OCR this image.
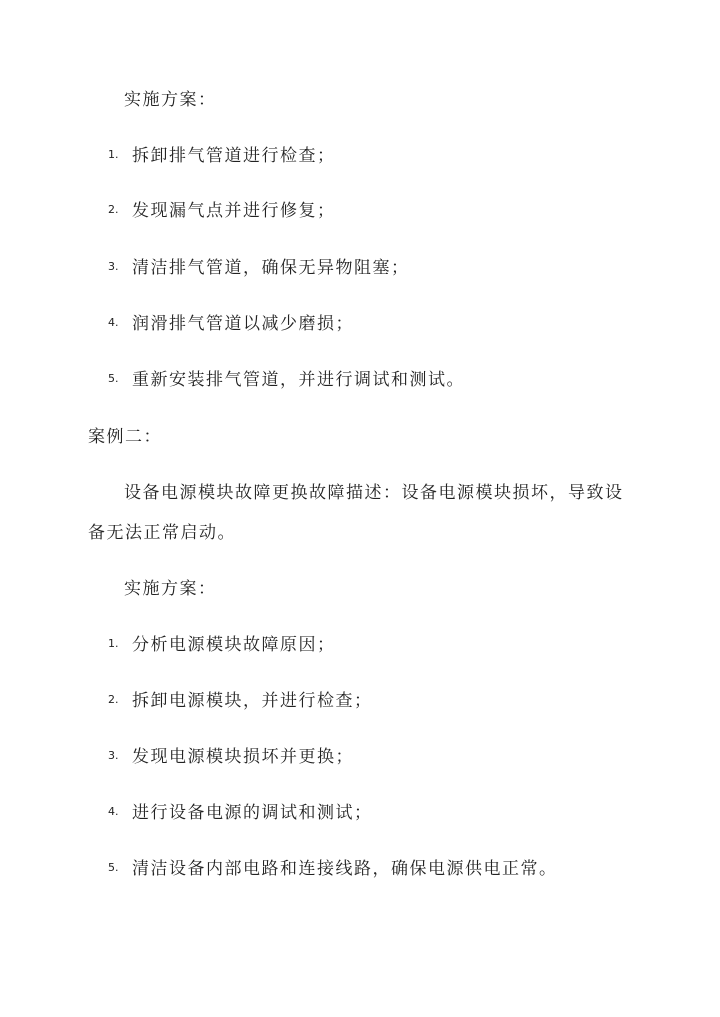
实施方案：
1. 拆卸排气管道进行检查；
2. 发现漏气点并进行修复；
3. 清洁排气管道，确保无异物阻塞；
4. 润滑排气管道以减少磨损；
5. 重新安装排气管道，并进行调试和测试。
案例二：
设备电源模块故障更换故障描述：设备电源模块损坏，导致设
备无法正常启动。
实施方案：
1. 分析电源模块故障原因；
2. 拆卸电源模块，并进行检查；
3. 发现电源模块损坏并更换；
4. 进行设备电源的调试和测试；
5. 清洁设备内部电路和连接线路，确保电源供电正常。
